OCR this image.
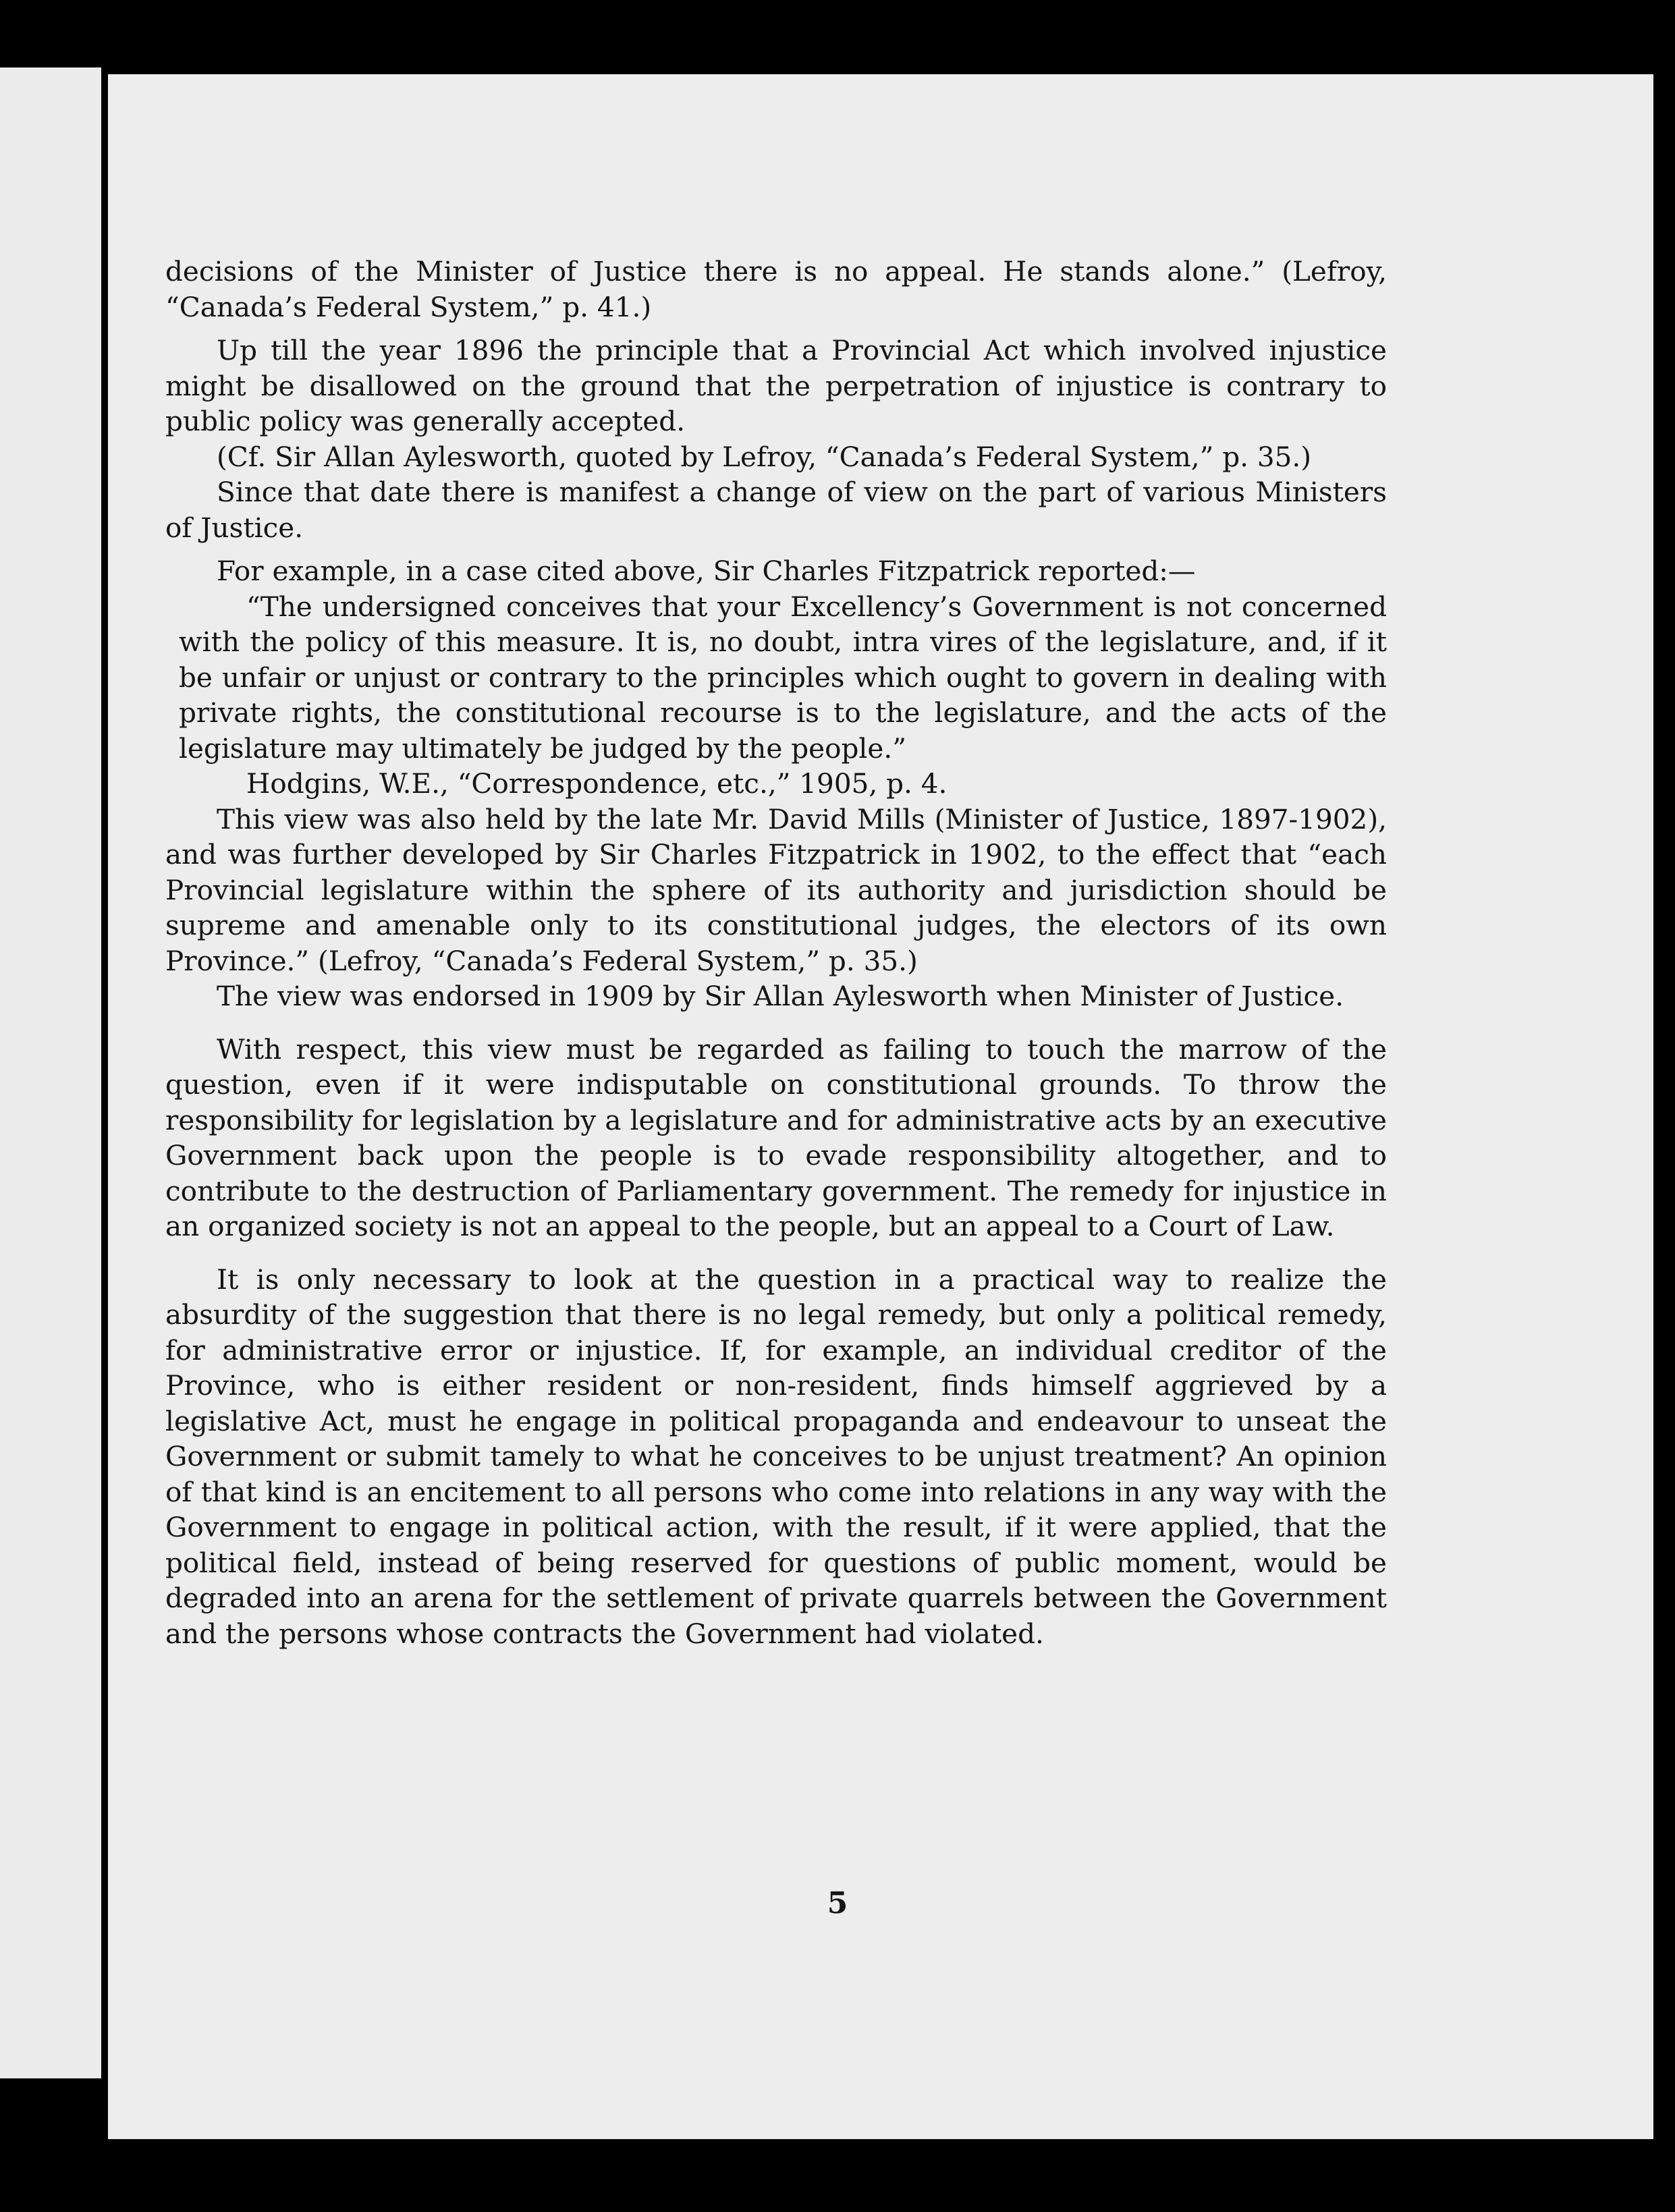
decisions of the Minister of Justice there is no appeal. He stands alone.” (Lefroy, “Canada’s Federal System,” p. 41.)

Up till the year 1896 the principle that a Provincial Act which involved injustice might be disallowed on the ground that the perpetration of injustice is contrary to public policy was generally accepted.

(Cf. Sir Allan Aylesworth, quoted by Lefroy, “Canada’s Federal System,” p. 35.)

Since that date there is manifest a change of view on the part of various Ministers of Justice.

For example, in a case cited above, Sir Charles Fitzpatrick reported:—

“The undersigned conceives that your Excellency’s Government is not concerned with the policy of this measure. It is, no doubt, intra vires of the legislature, and, if it be unfair or unjust or contrary to the principles which ought to govern in dealing with private rights, the constitutional recourse is to the legislature, and the acts of the legislature may ultimately be judged by the people.”

Hodgins, W.E., “Correspondence, etc.,” 1905, p. 4.

This view was also held by the late Mr. David Mills (Minister of Justice, 1897-1902), and was further developed by Sir Charles Fitzpatrick in 1902, to the effect that “each Provincial legislature within the sphere of its authority and jurisdiction should be supreme and amenable only to its constitutional judges, the electors of its own Province.” (Lefroy, “Canada’s Federal System,” p. 35.)

The view was endorsed in 1909 by Sir Allan Aylesworth when Minister of Justice.

With respect, this view must be regarded as failing to touch the marrow of the question, even if it were indisputable on constitutional grounds. To throw the responsibility for legislation by a legislature and for administrative acts by an executive Government back upon the people is to evade responsibility altogether, and to contribute to the destruction of Parliamentary government. The remedy for injustice in an organized society is not an appeal to the people, but an appeal to a Court of Law.

It is only necessary to look at the question in a practical way to realize the absurdity of the suggestion that there is no legal remedy, but only a political remedy, for administrative error or injustice. If, for example, an individual creditor of the Province, who is either resident or non-resident, finds himself aggrieved by a legislative Act, must he engage in political propaganda and endeavour to unseat the Government or submit tamely to what he conceives to be unjust treatment? An opinion of that kind is an encitement to all persons who come into relations in any way with the Government to engage in political action, with the result, if it were applied, that the political field, instead of being reserved for questions of public moment, would be degraded into an arena for the settlement of private quarrels between the Government and the persons whose contracts the Government had violated.

5
